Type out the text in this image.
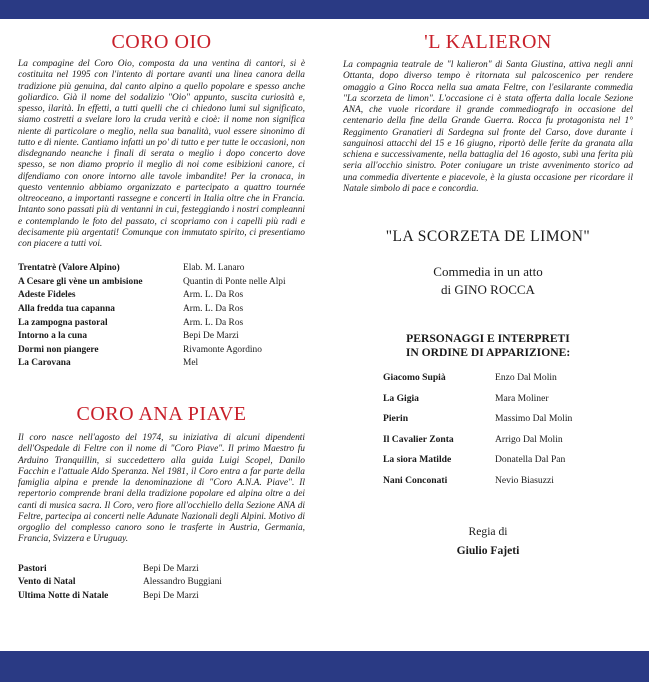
CORO OIO

La compagine del Coro Oio, composta da una ventina di cantori, si è costituita nel 1995 con l'intento di portare avanti una linea canora della tradizione più genuina, dal canto alpino a quello popolare e spesso anche goliardico. Già il nome del sodalizio "Oio" appunto, suscita curiosità e, spesso, ilarità. In effetti, a tutti quelli che ci chiedono lumi sul significato, siamo costretti a svelare loro la cruda verità e cioè: il nome non significa niente di particolare o meglio, nella sua banalità, vuol essere sinonimo di tutto e di niente. Cantiamo infatti un po' di tutto e per tutte le occasioni, non disdegnando neanche i finali di serata o meglio i dopo concerto dove spesso, se non diamo proprio il meglio di noi come esibizioni canore, ci difendiamo con onore intorno alle tavole imbandite! Per la cronaca, in questo ventennio abbiamo organizzato e partecipato a quattro tournée oltreoceano, a importanti rassegne e concerti in Italia oltre che in Francia. Intanto sono passati più di ventanni in cui, festeggiando i nostri compleanni e contemplando le foto del passato, ci scopriamo con i capelli più radi e decisamente più argentati! Comunque con immutato spirito, ci presentiamo con piacere a tutti voi.

Trentatrè (Valore Alpino)	Elab. M. Lanaro
A Cesare gli vène un ambisione	Quantin di Ponte nelle Alpi
Adeste Fideles	Arm. L. Da Ros
Alla fredda tua capanna	Arm. L. Da Ros
La zampogna pastoral	Arm. L. Da Ros
Intorno a la cuna	Bepi De Marzi
Dormi non piangere	Rivamonte Agordino
La Carovana	Mel
CORO ANA PIAVE

Il coro nasce nell'agosto del 1974, su iniziativa di alcuni dipendenti dell'Ospedale di Feltre con il nome di "Coro Piave". Il primo Maestro fu Arduino Tranquillin, si succedettero alla guida Luigi Scopel, Danilo Facchin e l'attuale Aldo Speranza. Nel 1981, il Coro entra a far parte della famiglia alpina e prende la denominazione di "Coro A.N.A. Piave". Il repertorio comprende brani della tradizione popolare ed alpina oltre a dei canti di musica sacra. Il Coro, vero fiore all'occhiello della Sezione ANA di Feltre, partecipa ai concerti nelle Adunate Nazionali degli Alpini. Motivo di orgoglio del complesso canoro sono le trasferte in Austria, Germania, Francia, Svizzera e Uruguay.

Pastori	Bepi De Marzi
Vento di Natal	Alessandro Buggiani
Ultima Notte di Natale	Bepi De Marzi
'L KALIERON

La compagnia teatrale de "l kalieron" di Santa Giustina, attiva negli anni Ottanta, dopo diverso tempo è ritornata sul palcoscenico per rendere omaggio a Gino Rocca nella sua amata Feltre, con l'esilarante commedia "La scorzeta de limon". L'occasione ci è stata offerta dalla locale Sezione ANA, che vuole ricordare il grande commediografo in occasione del centenario della fine della Grande Guerra. Rocca fu protagonista nel 1° Reggimento Granatieri di Sardegna sul fronte del Carso, dove durante i sanguinosi attacchi del 15 e 16 giugno, riportò delle ferite da granata alla schiena e successivamente, nella battaglia del 16 agosto, subì una ferita più seria all'occhio sinistro. Poter coniugare un triste avvenimento storico ad una commedia divertente e piacevole, è la giusta occasione per ricordare il Natale simbolo di pace e concordia.

"LA SCORZETA DE LIMON"

Commedia in un atto

di GINO ROCCA

PERSONAGGI E INTERPRETI

IN ORDINE DI APPARIZIONE:

Giacomo Supià	Enzo Dal Molin
La Gigia	Mara Moliner
Pierin	Massimo Dal Molin
Il Cavalier Zonta	Arrigo Dal Molin
La siora Matilde	Donatella Dal Pan
Nani Conconati	Nevio Biasuzzi

Regia di

Giulio Fajeti
